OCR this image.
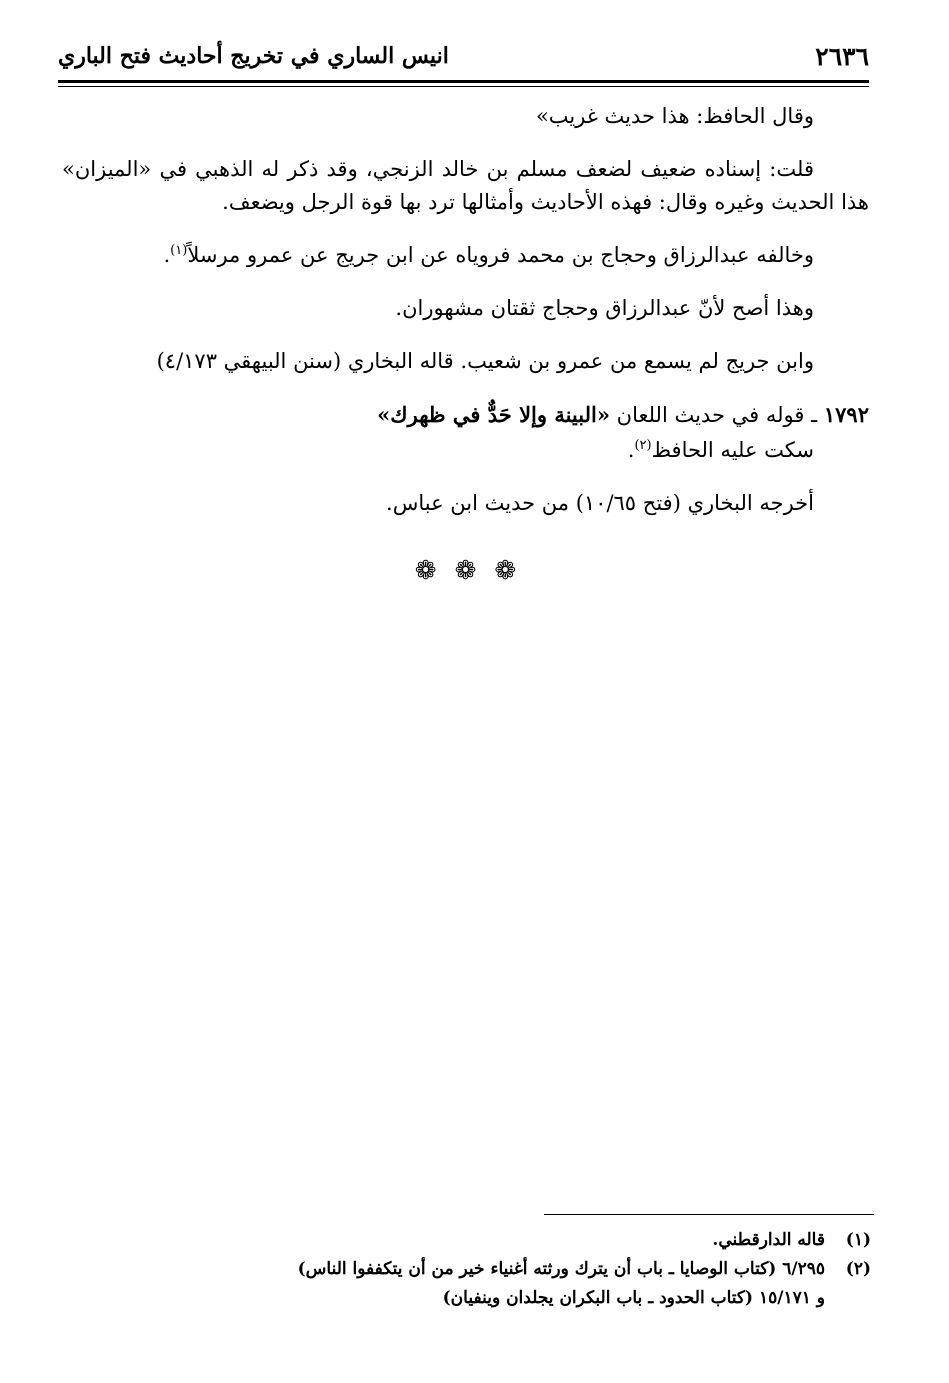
٢٦٣٦
انيس الساري في تخريج أحاديث فتح الباري

وقال الحافظ: هذا حديث غريب»

قلت: إسناده ضعيف لضعف مسلم بن خالد الزنجي، وقد ذكر له الذهبي في «الميزان» هذا الحديث وغيره وقال: فهذه الأحاديث وأمثالها ترد بها قوة الرجل ويضعف.

وخالفه عبدالرزاق وحجاج بن محمد فروياه عن ابن جريج عن عمرو مرسلاً$^{(١)}$.

وهذا أصح لأنّ عبدالرزاق وحجاج ثقتان مشهوران.

وابن جريج لم يسمع من عمرو بن شعيب. قاله البخاري (سنن البيهقي ٤/١٧٣)

١٧٩٢ ـ قوله في حديث اللعان «البينة وإلا حَدٌّ في ظهرك»

سكت عليه الحافظ$^{(٢)}$.

أخرجه البخاري (فتح ١٠/٦٥) من حديث ابن عباس.

❁ ❁ ❁

(١)قاله الدارقطني.

(٢)٦/٢٩٥ (كتاب الوصايا ـ باب أن يترك ورثته أغنياء خير من أن يتكففوا الناس)

و ١٥/١٧١ (كتاب الحدود ـ باب البكران يجلدان وينفيان)
